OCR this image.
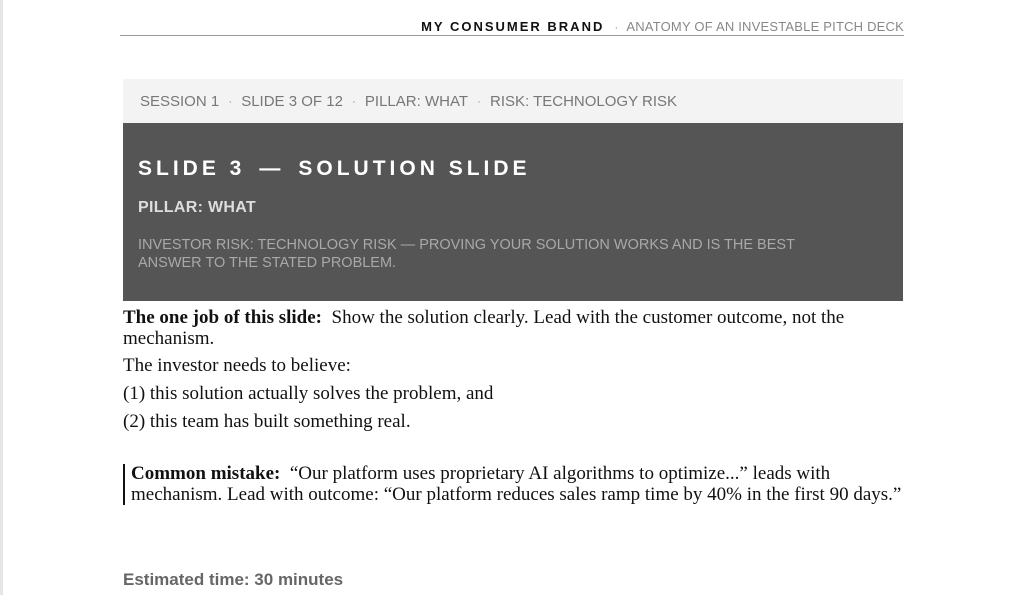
MY CONSUMER BRAND · ANATOMY OF AN INVESTABLE PITCH DECK
SESSION 1 · SLIDE 3 OF 12 · PILLAR: WHAT · RISK: TECHNOLOGY RISK
SLIDE 3 — SOLUTION SLIDE
PILLAR: WHAT
INVESTOR RISK: TECHNOLOGY RISK — PROVING YOUR SOLUTION WORKS AND IS THE BEST ANSWER TO THE STATED PROBLEM.

The one job of this slide: Show the solution clearly. Lead with the customer outcome, not the mechanism.

The investor needs to believe:
(1) this solution actually solves the problem, and
(2) this team has built something real.
Common mistake: “Our platform uses proprietary AI algorithms to optimize...” leads with mechanism. Lead with outcome: “Our platform reduces sales ramp time by 40% in the first 90 days.”
Estimated time: 30 minutes
